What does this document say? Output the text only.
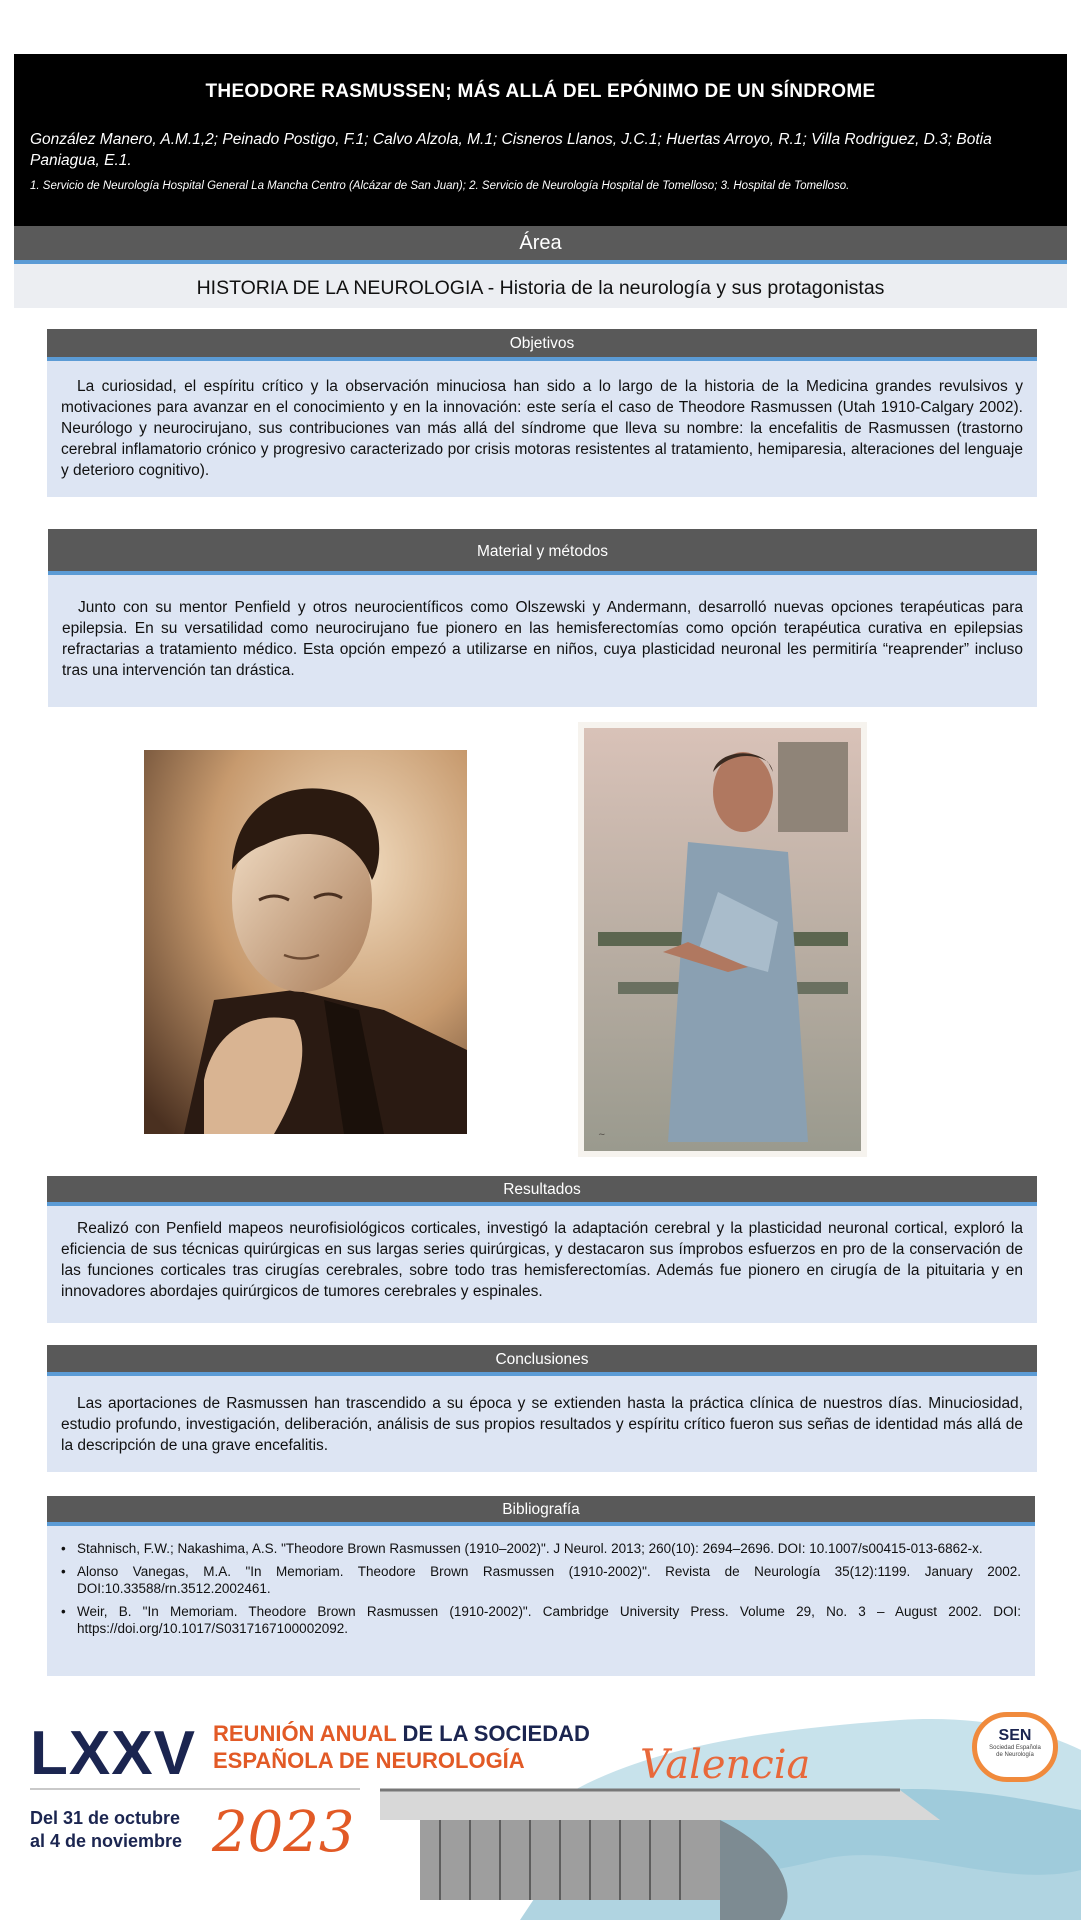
THEODORE RASMUSSEN; MÁS ALLÁ DEL EPÓNIMO DE UN SÍNDROME
González Manero, A.M.1,2; Peinado Postigo, F.1; Calvo Alzola, M.1; Cisneros Llanos, J.C.1; Huertas Arroyo, R.1; Villa Rodriguez, D.3; Botia Paniagua, E.1.
1. Servicio de Neurología Hospital General La Mancha Centro (Alcázar de San Juan); 2. Servicio de Neurología Hospital de Tomelloso; 3. Hospital de Tomelloso.
Área
HISTORIA DE LA NEUROLOGIA - Historia de la neurología y sus protagonistas
Objetivos

La curiosidad, el espíritu crítico y la observación minuciosa han sido a lo largo de la historia de la Medicina grandes revulsivos y motivaciones para avanzar en el conocimiento y en la innovación: este sería el caso de Theodore Rasmussen (Utah 1910-Calgary 2002). Neurólogo y neurocirujano, sus contribuciones van más allá del síndrome que lleva su nombre: la encefalitis de Rasmussen (trastorno cerebral inflamatorio crónico y progresivo caracterizado por crisis motoras resistentes al tratamiento, hemiparesia, alteraciones del lenguaje y deterioro cognitivo).

Material y métodos

Junto con su mentor Penfield y otros neurocientíficos como Olszewski y Andermann, desarrolló nuevas opciones terapéuticas para epilepsia. En su versatilidad como neurocirujano fue pionero en las hemisferectomías como opción terapéutica curativa en epilepsias refractarias a tratamiento médico. Esta opción empezó a utilizarse en niños, cuya plasticidad neuronal les permitiría “reaprender” incluso tras una intervención tan drástica.

~
Resultados

Realizó con Penfield mapeos neurofisiológicos corticales, investigó la adaptación cerebral y la plasticidad neuronal cortical, exploró la eficiencia de sus técnicas quirúrgicas en sus largas series quirúrgicas, y destacaron sus ímprobos esfuerzos en pro de la conservación de las funciones corticales tras cirugías cerebrales, sobre todo tras hemisferectomías. Además fue pionero en cirugía de la pituitaria y en innovadores abordajes quirúrgicos de tumores cerebrales y espinales.

Conclusiones

Las aportaciones de Rasmussen han trascendido a su época y se extienden hasta la práctica clínica de nuestros días. Minuciosidad, estudio profundo, investigación, deliberación, análisis de sus propios resultados y espíritu crítico fueron sus señas de identidad más allá de la descripción de una grave encefalitis.

Bibliografía
• Stahnisch, F.W.; Nakashima, A.S. "Theodore Brown Rasmussen (1910–2002)". J Neurol. 2013; 260(10): 2694–2696. DOI: 10.1007/s00415-013-6862-x.
• Alonso Vanegas, M.A. "In Memoriam. Theodore Brown Rasmussen (1910-2002)". Revista de Neurología 35(12):1199. January 2002. DOI:10.33588/rn.3512.2002461.
• Weir, B. "In Memoriam. Theodore Brown Rasmussen (1910-2002)". Cambridge University Press. Volume 29, No. 3 – August 2002. DOI: https://doi.org/10.1017/S0317167100002092.
LXXV REUNIÓN ANUAL DE LA SOCIEDAD
ESPAÑOLA DE NEUROLOGÍA
Del 31 de octubre
al 4 de noviembre 2023
Valencia
SEN
Sociedad Española
de Neurología
